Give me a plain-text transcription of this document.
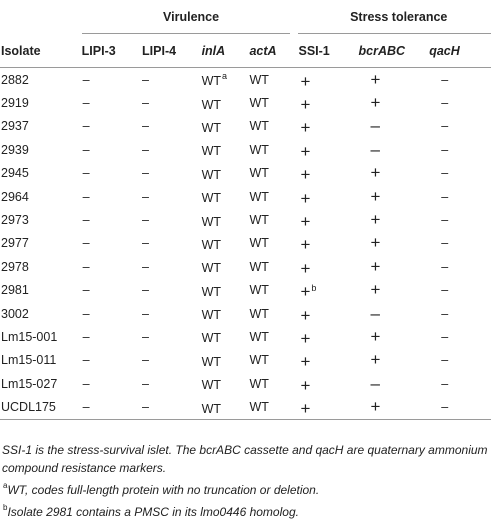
	Virulence				Stress tolerance		

Isolate	LIPI-3	LIPI-4	inlA	actA	SSI-1	bcrABC	qacH
2882	–	–	$WT^a$	WT	+	+	–
2919	–	–	WT	WT	+	+	–
2937	–	–	WT	WT	+	–	–
2939	–	–	WT	WT	+	–	–
2945	–	–	WT	WT	+	+	–
2964	–	–	WT	WT	+	+	–
2973	–	–	WT	WT	+	+	–
2977	–	–	WT	WT	+	+	–
2978	–	–	WT	WT	+	+	–
2981	–	–	WT	WT	+$^b$	+	–
3002	–	–	WT	WT	+	–	–
Lm15-001	–	–	WT	WT	+	+	–
Lm15-011	–	–	WT	WT	+	+	–
Lm15-027	–	–	WT	WT	+	–	–
UCDL175	–	–	WT	WT	+	+	–

SSI-1 is the stress-survival islet. The bcrABC cassette and qacH are quaternary ammonium compound resistance markers.

$^a$WT, codes full-length protein with no truncation or deletion.

$^b$Isolate 2981 contains a PMSC in its lmo0446 homolog.
